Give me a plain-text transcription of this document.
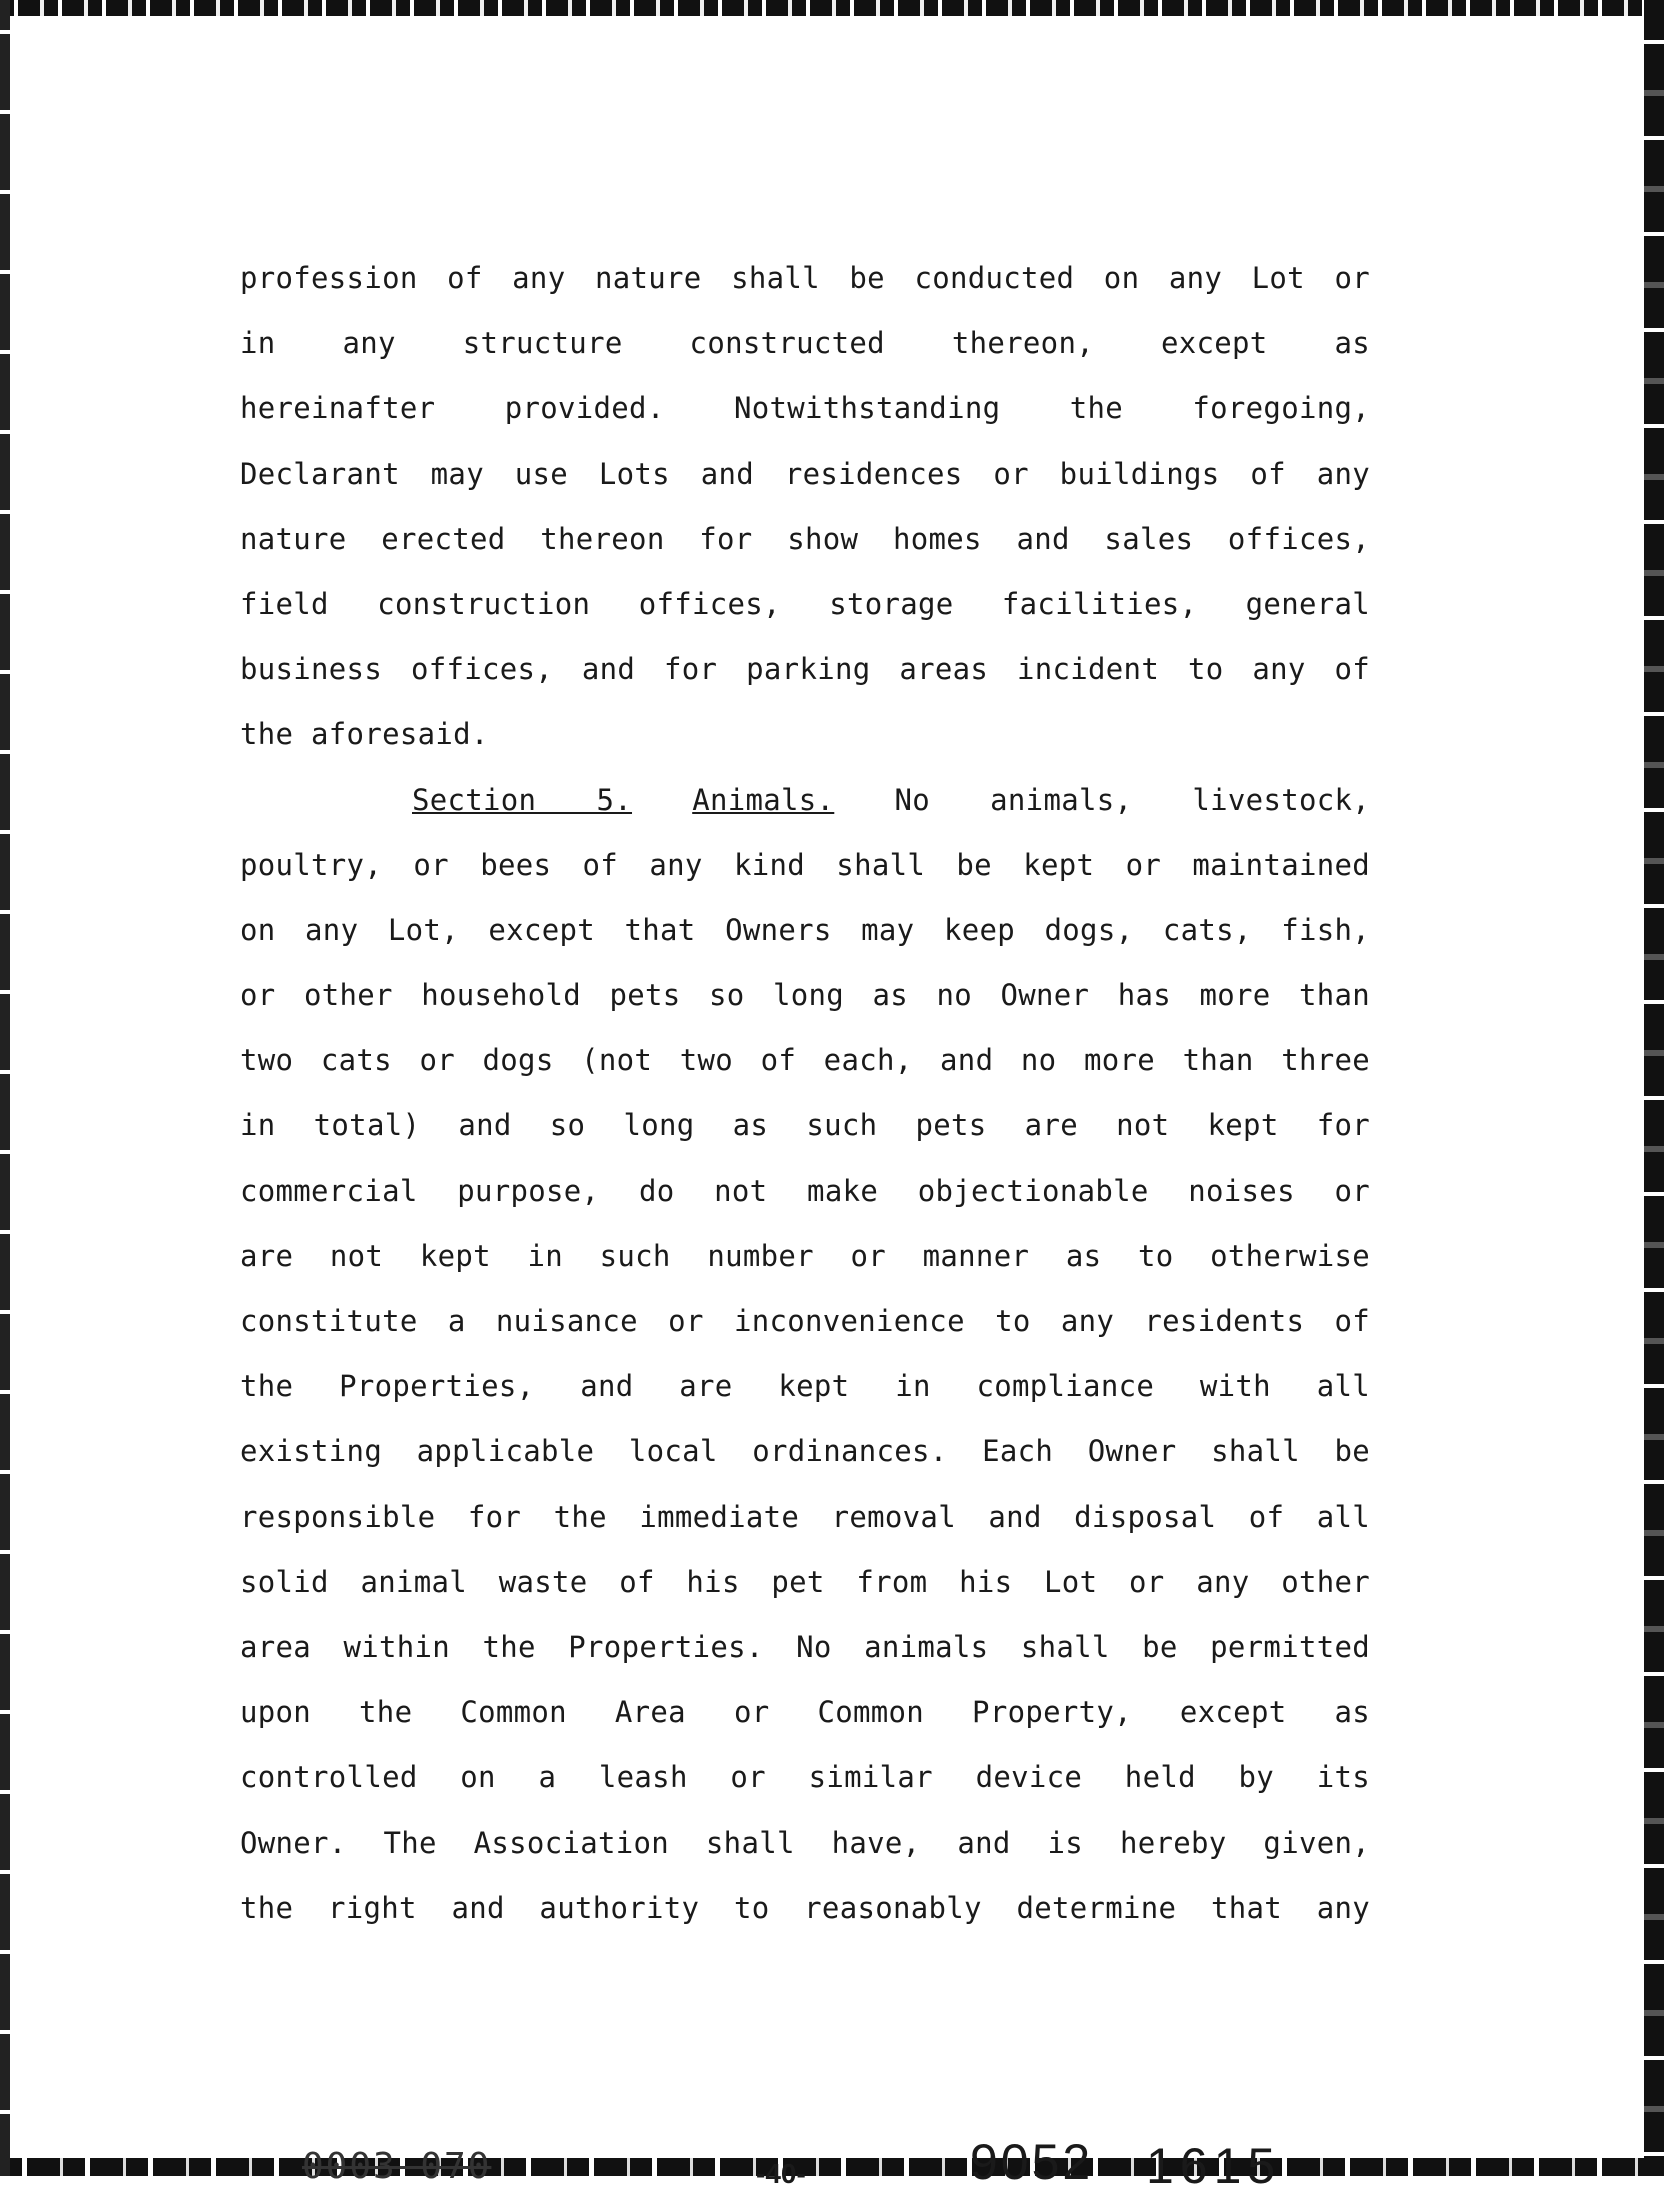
profession of any nature shall be conducted on any Lot or
in any structure constructed thereon, except as
hereinafter provided. Notwithstanding the foregoing,
Declarant may use Lots and residences or buildings of any
nature erected thereon for show homes and sales offices,
field construction offices, storage facilities, general
business offices, and for parking areas incident to any of
the aforesaid.
Section 5. Animals. No animals, livestock,
poultry, or bees of any kind shall be kept or maintained
on any Lot, except that Owners may keep dogs, cats, fish,
or other household pets so long as no Owner has more than
two cats or dogs (not two of each, and no more than three
in total) and so long as such pets are not kept for
commercial purpose, do not make objectionable noises or
are not kept in such number or manner as to otherwise
constitute a nuisance or inconvenience to any residents of
the Properties, and are kept in compliance with all
existing applicable local ordinances. Each Owner shall be
responsible for the immediate removal and disposal of all
solid animal waste of his pet from his Lot or any other
area within the Properties. No animals shall be permitted
upon the Common Area or Common Property, except as
controlled on a leash or similar device held by its
Owner. The Association shall have, and is hereby given,
the right and authority to reasonably determine that any
0003 070	-40-	9052 1615
